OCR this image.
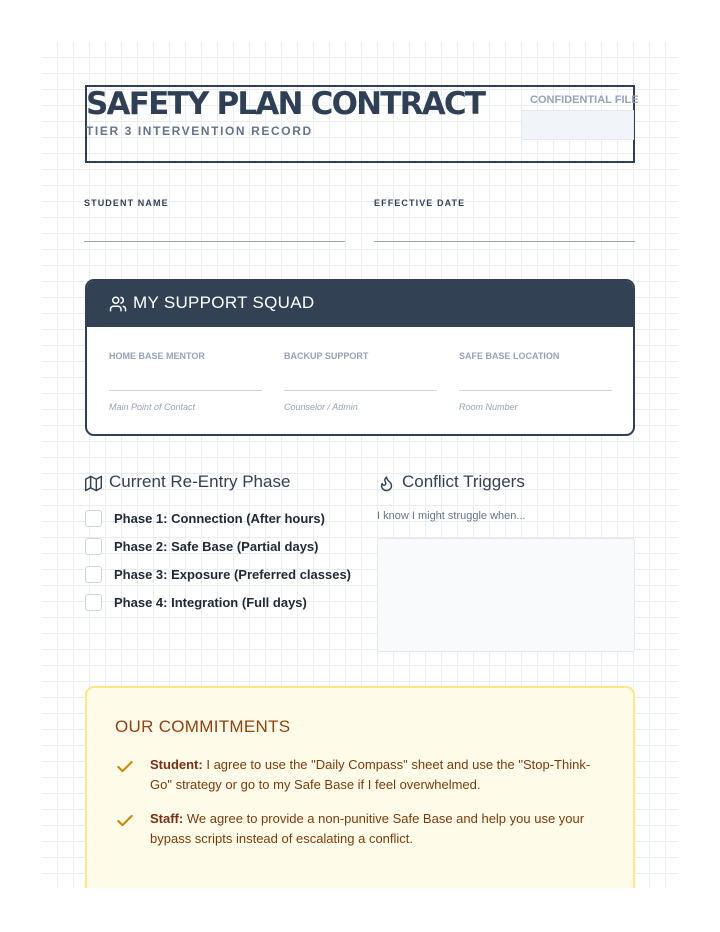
SAFETY PLAN CONTRACT
TIER 3 INTERVENTION RECORD
CONFIDENTIAL FILE
STUDENT NAME	EFFECTIVE DATE
MY SUPPORT SQUAD
HOME BASE MENTOR
Main Point of Contact
BACKUP SUPPORT
Counselor / Admin
SAFE BASE LOCATION
Room Number
Current Re-Entry Phase
Phase 1: Connection (After hours)
Phase 2: Safe Base (Partial days)
Phase 3: Exposure (Preferred classes)
Phase 4: Integration (Full days)
Conflict Triggers
I know I might struggle when...
OUR COMMITMENTS
Student: I agree to use the "Daily Compass" sheet and use the "Stop-Think-Go" strategy or go to my Safe Base if I feel overwhelmed.
Staff: We agree to provide a non-punitive Safe Base and help you use your bypass scripts instead of escalating a conflict.
